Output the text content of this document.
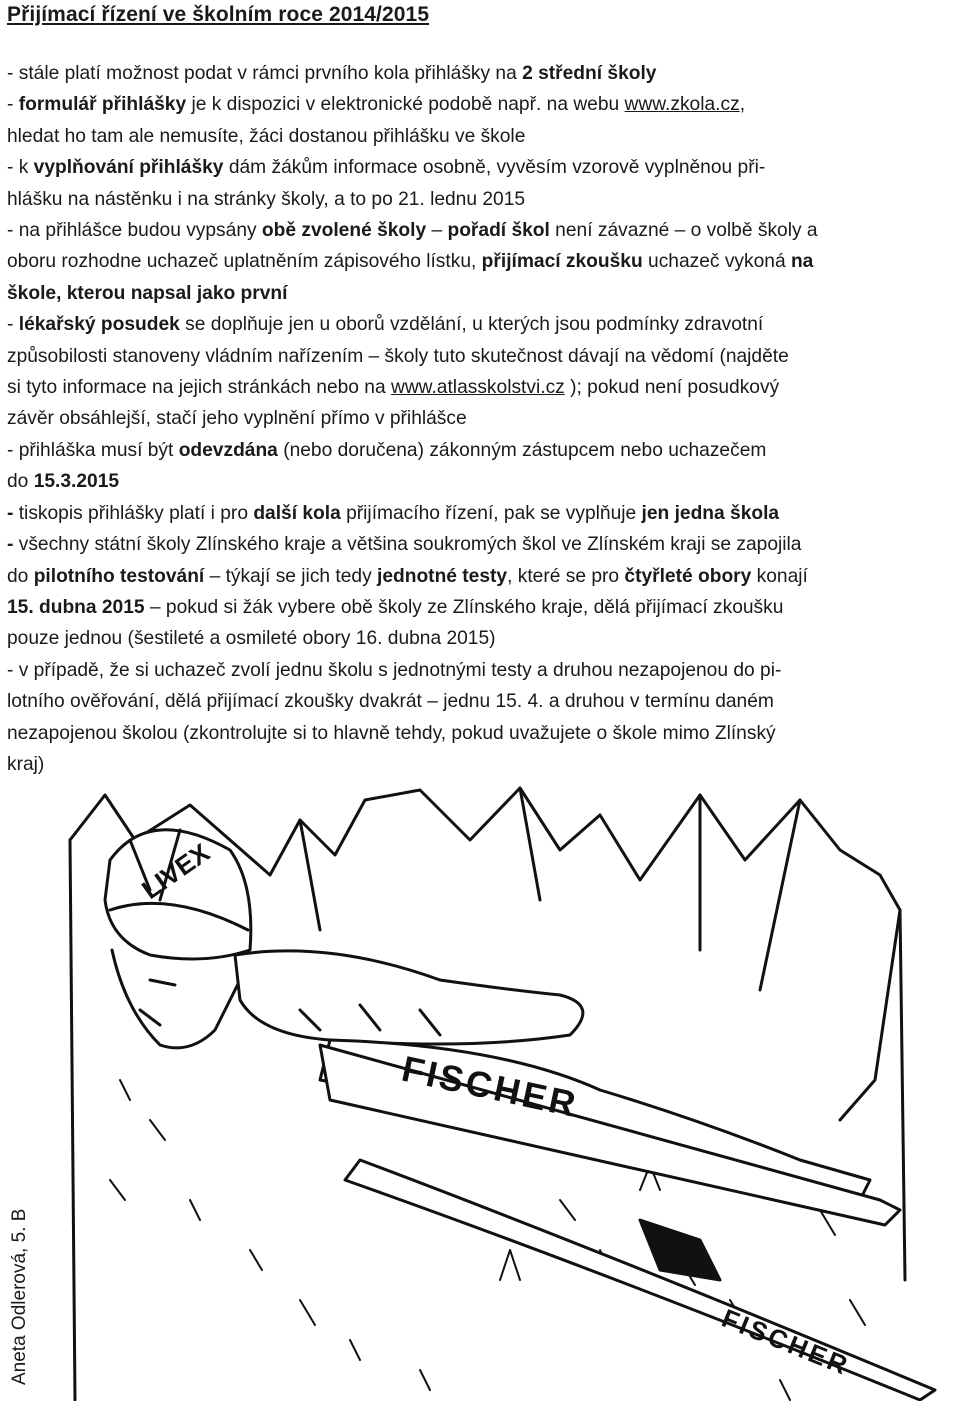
Přijímací řízení ve školním roce 2014/2015

- stále platí možnost podat v rámci prvního kola přihlášky na 2 střední školy

- formulář přihlášky je k dispozici v elektronické podobě např. na webu www.zkola.cz,

hledat ho tam ale nemusíte, žáci dostanou přihlášku ve škole

- k vyplňování přihlášky dám žákům informace osobně, vyvěsím vzorově vyplněnou při-

hlášku na nástěnku i na stránky školy, a to po 21. lednu 2015

- na přihlášce budou vypsány obě zvolené školy – pořadí škol není závazné – o volbě školy a

oboru rozhodne uchazeč uplatněním zápisového lístku, přijímací zkoušku uchazeč vykoná na

škole, kterou napsal jako první

- lékařský posudek se doplňuje jen u oborů vzdělání, u kterých jsou podmínky zdravotní

způsobilosti stanoveny vládním nařízením – školy tuto skutečnost dávají na vědomí (najděte

si tyto informace na jejich stránkách nebo na www.atlasskolstvi.cz ); pokud není posudkový

závěr obsáhlejší, stačí jeho vyplnění přímo v přihlášce

- přihláška musí být odevzdána (nebo doručena) zákonným zástupcem nebo uchazečem

do 15.3.2015

- tiskopis přihlášky platí i pro další kola přijímacího řízení, pak se vyplňuje jen jedna škola

- všechny státní školy Zlínského kraje a většina soukromých škol ve Zlínském kraji se zapojila

do pilotního testování – týkají se jich tedy jednotné testy, které se pro čtyřleté obory konají

15. dubna 2015 – pokud si žák vybere obě školy ze Zlínského kraje, dělá přijímací zkoušku

pouze jednou (šestileté a osmileté obory 16. dubna 2015)

- v případě, že si uchazeč zvolí jednu školu s jednotnými testy a druhou nezapojenou do pi-

lotního ověřování, dělá přijímací zkoušky dvakrát – jednu 15. 4. a druhou v termínu daném

nezapojenou školou (zkontrolujte si to hlavně tehdy, pokud uvažujete o škole mimo Zlínský

kraj)

LIVEX
FISCHER
FISCHER
Aneta Odlerová, 5. B
